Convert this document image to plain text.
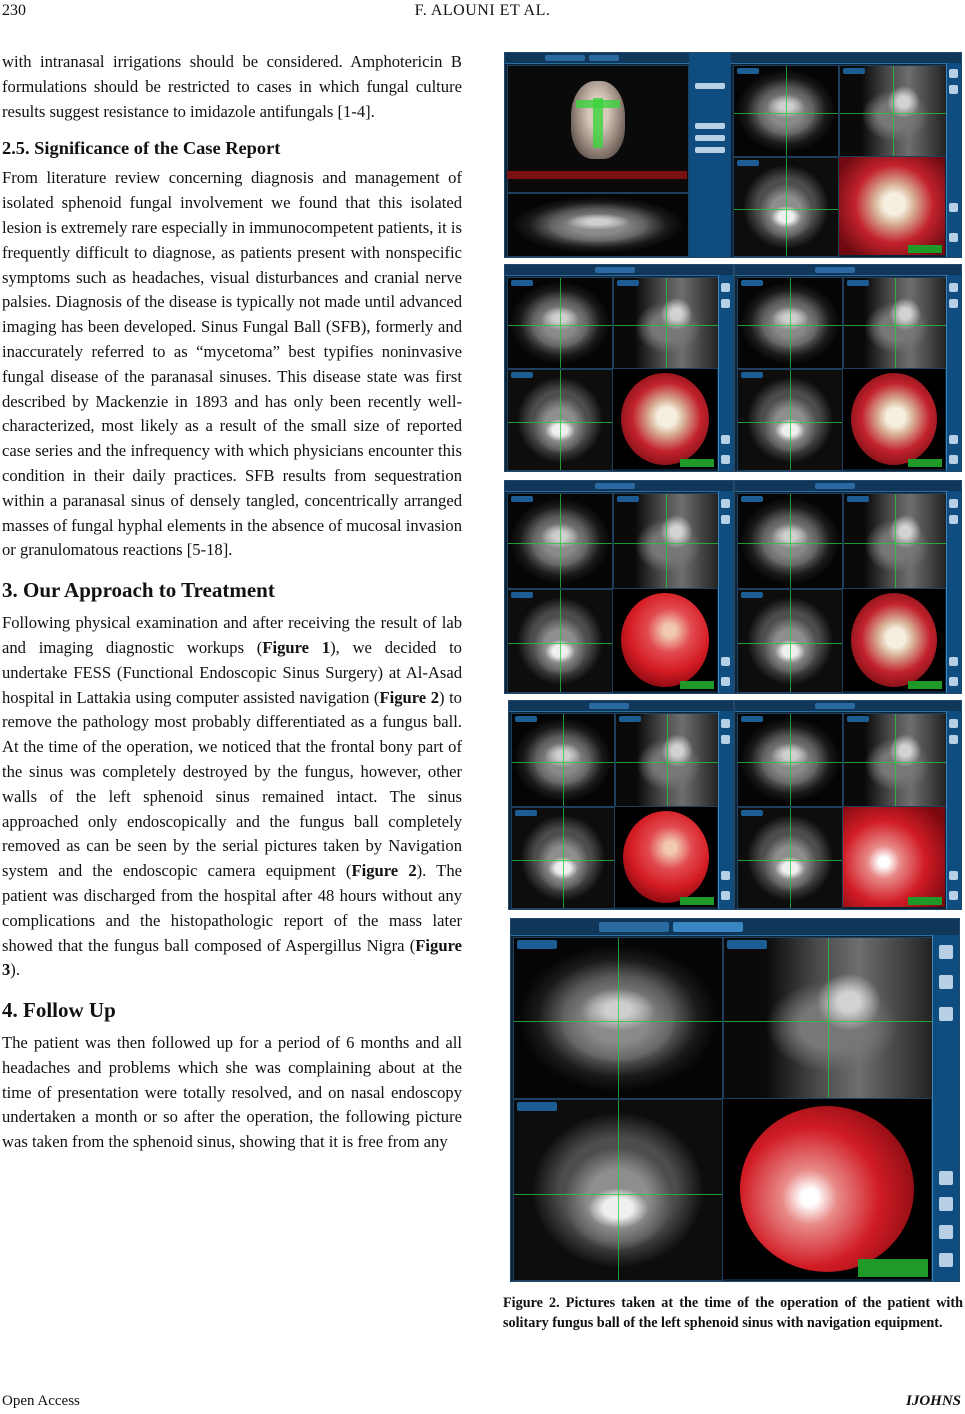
230	F. ALOUNI ET AL.

with intranasal irrigations should be considered. Amphotericin B formulations should be restricted to cases in which fungal culture results suggest resistance to imidazole antifungals [1-4].

2.5. Significance of the Case Report

From literature review concerning diagnosis and management of isolated sphenoid fungal involvement we found that this isolated lesion is extremely rare especially in immunocompetent patients, it is frequently difficult to diagnose, as patients present with nonspecific symptoms such as headaches, visual disturbances and cranial nerve palsies. Diagnosis of the disease is typically not made until advanced imaging has been developed. Sinus Fungal Ball (SFB), formerly and inaccurately referred to as “mycetoma” best typifies noninvasive fungal disease of the paranasal sinuses. This disease state was first described by Mackenzie in 1893 and has only been recently well-characterized, most likely as a result of the small size of reported case series and the infrequency with which physicians encounter this condition in their daily practices. SFB results from sequestration within a paranasal sinus of densely tangled, concentrically arranged masses of fungal hyphal elements in the absence of mucosal invasion or granulomatous reactions [5-18].

3. Our Approach to Treatment

Following physical examination and after receiving the result of lab and imaging diagnostic workups (Figure 1), we decided to undertake FESS (Functional Endoscopic Sinus Surgery) at Al-Asad hospital in Lattakia using computer assisted navigation (Figure 2) to remove the pathology most probably differentiated as a fungus ball. At the time of the operation, we noticed that the frontal bony part of the sinus was completely destroyed by the fungus, however, other walls of the left sphenoid sinus remained intact. The sinus approached only endoscopically and the fungus ball completely removed as can be seen by the serial pictures taken by Navigation system and the endoscopic camera equipment (Figure 2). The patient was discharged from the hospital after 48 hours without any complications and the histopathologic report of the mass later showed that the fungus ball composed of Aspergillus Nigra (Figure 3).

4. Follow Up

The patient was then followed up for a period of 6 months and all headaches and problems which she was complaining about at the time of presentation were totally resolved, and on nasal endoscopy undertaken a month or so after the operation, the following picture was taken from the sphenoid sinus, showing that it is free from any

Figure 2. Pictures taken at the time of the operation of the patient with solitary fungus ball of the left sphenoid sinus with navigation equipment.

Open Access	IJOHNS
